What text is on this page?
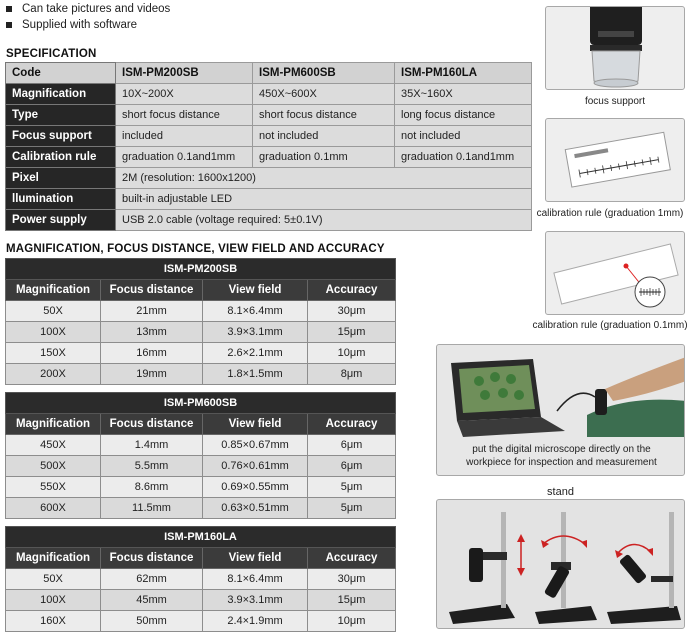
Can take pictures and videos
Supplied with software
SPECIFICATION
Code	ISM-PM200SB	ISM-PM600SB	ISM-PM160LA
Magnification	10X~200X	450X~600X	35X~160X
Type	short focus distance	short focus distance	long focus distance
Focus support	included	not included	not included
Calibration rule	graduation 0.1and1mm	graduation 0.1mm	graduation 0.1and1mm
Pixel	2M (resolution: 1600x1200)		
llumination	built-in adjustable LED		
Power supply	USB 2.0 cable (voltage required: 5±0.1V)		
MAGNIFICATION, FOCUS DISTANCE, VIEW FIELD AND ACCURACY
ISM-PM200SB			
Magnification	Focus distance	View field	Accuracy
50X	21mm	8.1×6.4mm	30μm
100X	13mm	3.9×3.1mm	15μm
150X	16mm	2.6×2.1mm	10μm
200X	19mm	1.8×1.5mm	8μm
ISM-PM600SB			
Magnification	Focus distance	View field	Accuracy
450X	1.4mm	0.85×0.67mm	6μm
500X	5.5mm	0.76×0.61mm	6μm
550X	8.6mm	0.69×0.55mm	5μm
600X	11.5mm	0.63×0.51mm	5μm
ISM-PM160LA			
Magnification	Focus distance	View field	Accuracy
50X	62mm	8.1×6.4mm	30μm
100X	45mm	3.9×3.1mm	15μm
160X	50mm	2.4×1.9mm	10μm
focus support
calibration rule (graduation 1mm)
calibration rule (graduation 0.1mm)
put the digital microscope directly on the
workpiece for inspection and measurement
stand
